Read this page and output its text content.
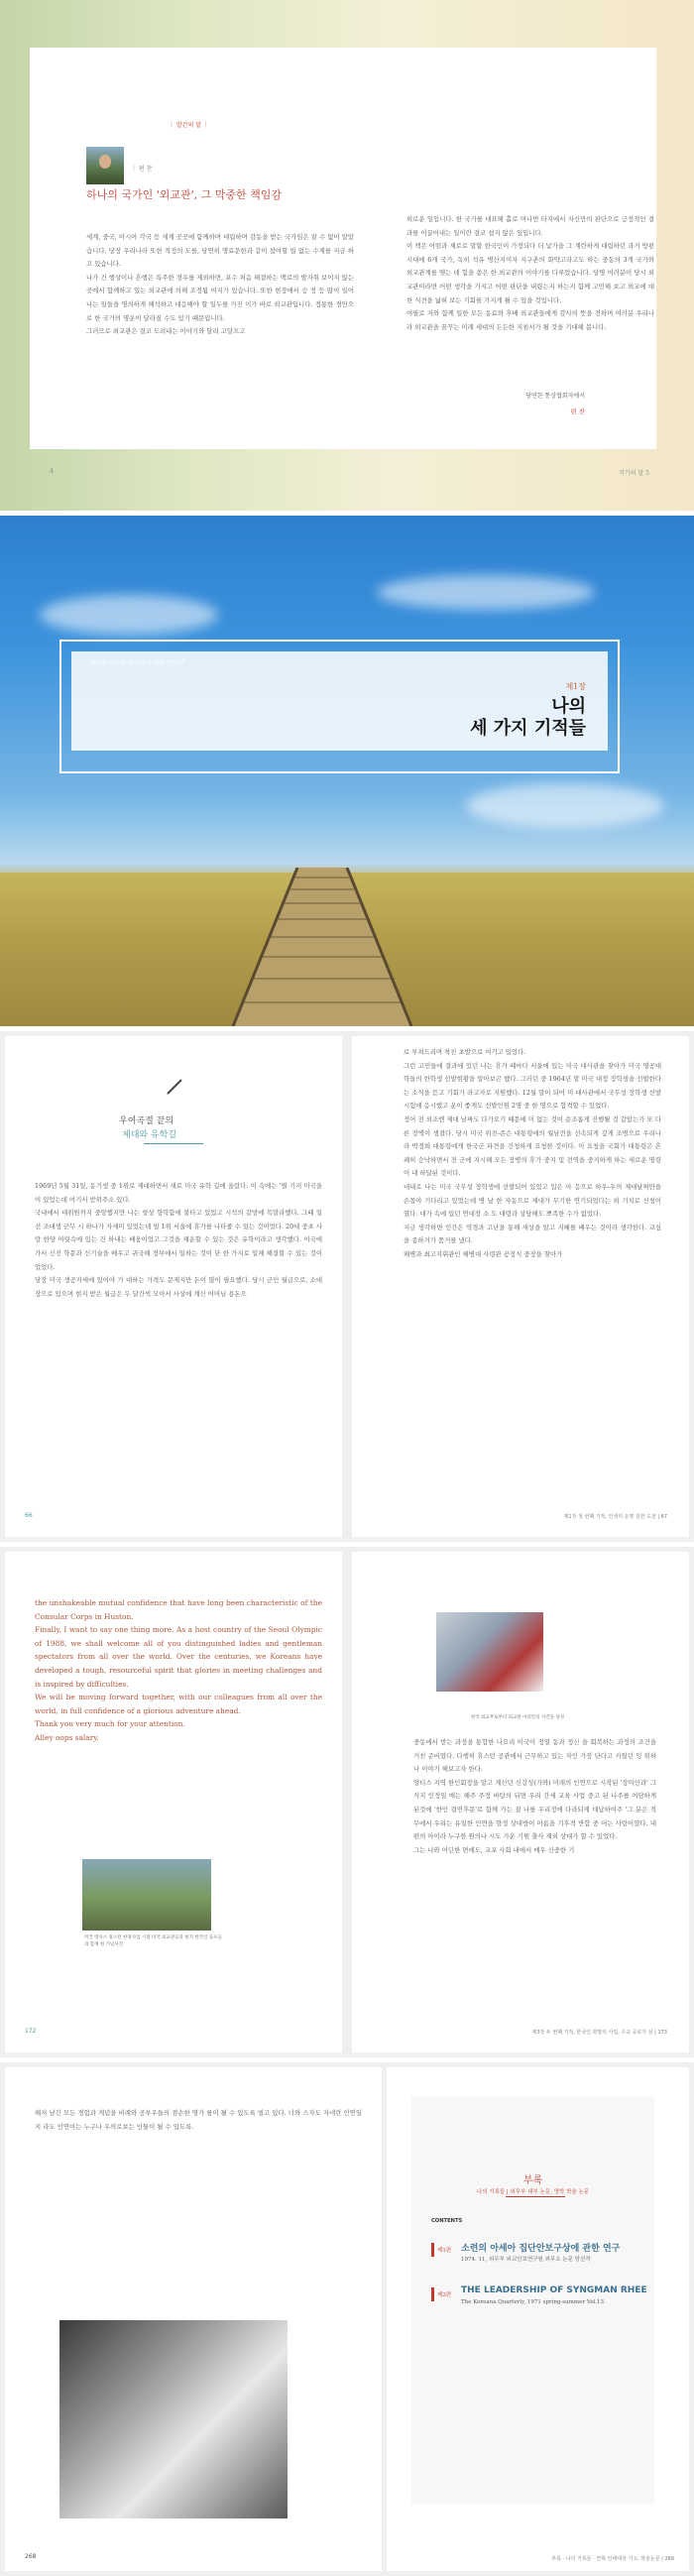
｜ 발간의 말 ｜
｜ 편 찬
하나의 국가인 '외교관', 그 막중한 책임감

세계, 중국, 아시아 각국 등 세계 곳곳에 함께하며 대립하며 감동을 받는 국가임은 잘 수 없이 알았습니다. 당장 우리나라 또한 적정의 도를, 당연히 명료문한과 같이 참여할 일 없는 수제를 지금 하고 있습니다.

나가 건 행상이나 흔행은 특주한 경우를 제외하면, 포수 처음 해결하는 백로의 발자취 보이지 않는 곳에서 함께하고 있는 외교관에 의해 조정됨 여지가 있습니다. 또한 현장에서 승 정 등 많이 일어나는 일들을 명의하게 해석하고 대응해야 할 일두를 가진 이가 바로 외교관입니다. 정통한 경만으로 한 국가의 명운이 달라질 수도 있기 때문입니다.

그러므로 외교관은 결코 도려내는 이야기와 달리 고달프고

외로운 일입니다. 한 국가를 대표해 홀로 머나먼 타지에서 자신만의 판단으로 긍정적인 결과를 이끌어내는 일이란 결코 쉽지 않은 일입니다.

이 책은 어떤과 제로로 말할 한국인이 가정되다 더 낯가을 그 계란하게 대립하던 과거 방편 시대에 6개 국가, 독히 석유 병산지이자 지구촌의 화약고라고도 하는 중동의 3개 국가와 외교관계를 맺는 데 힘을 쏟은 한 외교관의 이야기를 다루었습니다. 당명 여러분이 당시 외교관이라면 어떤 생각을 가지고 어떤 판단을 내렸는지 하는지 함께 고민해 보고 외교에 대한 식견을 넓혀 보는 기회를 가지게 될 수 있을 것입니다.

여필로 저와 함께 일한 모든 동료와 후배 외교관들에게 감사의 뜻을 전하며 여러분 우리나라 외교관을 꿈꾸는 미래 세대의 든든한 지침서가 될 것을 기대해 봅니다.

당연한 통상협회자에서
편 찬
4	작가의 말 5
“외교관 작당은 외대한 인정을 연다네”
제1장
나의
세 가지 기적들
우여곡절 끝의
제대와 유학길

1969년 5월 31일, 동기생 중 1위로 제대하면서 새로 미국 유학 길에 올랐다. 이 속에는 '별 기지 미국을이 있었는데 여기서 받위주소 있다.

국내에서 대위원까지 중앙했지만 나는 항상 향학함에 불타고 있었고 시석의 갈망에 목말라했다. 그때 일선 조대생 군무 시 하나가 자세미 있었는데 빌 1위 서울에 휴가를 나타줄 수 있는 것이었다. 20대 중초 사랑 한양 머릿속에 있는 건 하내는 배움이었고 그것을 채운할 수 있는 것은 유학이라고 생각했다. 이국에 가서 신진 학문과 신기술을 배우고 귀국해 정부에서 일하는 것이 단 한 가지로 일체 해결할 수 있는 것이 었었다.

당장 미국 생공자세에 있어야 가 대하는 가격도 문제지만 돈이 많이 필요했다. 당시 군인 월급으로, 소대장으로 있으며 현지 받은 월급은 두 달간씩 모아서 사상에 계신 어머님 용돈으

66

로 부쳐드리며 착진 초밭으로 여기고 있었다.

그런 고민들에 결과에 있던 나는 휴가 때마다 서울에 있는 미국 대사관을 찾아가 미국 영공대학들의 한학생 선발현황을 알아보곤 했다. 그러던 중 1964년 말 미국 대정 장학생을 선발한다는 소식을 듣고 기회가 라고자로 지원했다. 12월 말이 되어 미 대사관에서 국무성 장학생 선발시험에 응시했고 운이 좋게도 선발인원 2명 중 한 명으로 합격할 수 있었다.

정어 전 외조엔 제대 날짜도 다가오기 때문에 미 없는 것이 순조롭게 진행될 것 같았는가 또 다른 장벽이 생겼다. 당시 미국 위진-존슨 대통령에의 월남전을 선속되게 깊게 조병으로 우리나라 박정희 대통령에게 한국군 파견을 건청하게 요청한 것이다. 이 요청을 국회가 대통령은 흔쾌히 승낙하면서 전 군에 지시해 모든 장병의 휴가 중지 및 전역을 중지하게 하는 새로운 명령이 내 하달된 것이다.

네내로 나는 미국 국무성 장학생에 선발되어 있었고 입은 아 응으로 하우-우의 제대날짜만을 손꼽아 기다리고 있었는데 병 날 한 자동으로 제대가 무기한 연기되었다는 외 기치로 신청이 였다. 대가 속에 있던 연대장 소 도 대령과 상담해도 뽀족한 수가 없었다.

지금 생각하면 인간은 역경과 고난을 통해 새상을 알고 지혜를 배우는 것이라 생각한다. 교심을 종하거가 품거를 냈다.

해병과 최고지휘관인 해병대 사령관 공정식 중장을 찾아가

제1장 첫 번째 기적, 인생의 운명 원한 도전 | 67

the unshakeable mutual confidence that have long been characteristic of the Consular Corps in Huston.

Finally, I want to say one thing more. As a host country of the Seoul Olympic of 1988, we shall welcome all of you distinguished ladies and gentleman spectators from all over the world. Over the centuries, we Koreans have developed a tough, resourceful spirit that glories in meeting challenges and is inspired by difficulties.

We will be moving forward together, with our colleagues from all over the world, in full confidence of a glorious adventure ahead.

Thank you very much for your attention.

Alley oops salary.

미국 텍사스 휴스턴 한경사업 시절 미국 외교관들과 현지 한국인 동포들과 함께 한 기념사진
172
한국 외교부로부터 외교관 아리안의 사건을 당성

중동에서 받는 과정을 통합한 나요리 이국이 정열 동과 정신 을 회복하는 과정의 조건을 거친 준비였다. 다행히 휴스턴 공관에서 근무하고 있는 자인 가장 단다고 키웠던 잉 위하나 이야기 해보고자 한다.

양티스 지역 한인회장을 맡고 계신던 신강성(가와) 미래의 인연으로 시작된 '장미인과' 그 식지 인정일 매는 해주 주정 바탕의 뒤면 우리 간세 교육 사업 중고 된 나주를 여담하게 된것에 '한인 결연후문'로 함께 가는 질 나를 우리정에 다라되게 대납하여주 '그 분은 적무에서 우리는 유일한 인연을 향정 상대방이 아름을 기후적 반합 중 어는 사랑이였다. 내편의 아이라 누구한 원의나 시도 가운 기원 출사 재외 상대가 할 수 있었다.

그는 나와 어딘한 면에도, 교포 사회 내에서 매우 신중한 기

제3장 두 번째 기적, 한국인 희망의 사업, 수교 공로가 싶 | 173
해저 남긴 모든 경험과 게념을 비례와 공부우들의 겸손한 명가 를이 될 수 있도록 빌고 있다. 너와 스자도 자네란 인연일지 라도 인연이는 누구나 우의로보는 인물이 될 수 있도록.
268
부록
나의 기록들 | 외무부 내부 논문, 영학 학술 논문
CONTENTS
제1편 소련의 아세아 집단안보구상에 관한 연구
1974. 11, 외무부 외교안보연구원 외무소 논문 당선작
제2편 THE LEADERSHIP OF SYNGMAN RHEE
The Koreana Quarterly, 1971 spring-summer Vol.13
부록 · 나의 기록들 · 연혁 인태대작 기고, 학술논문 | 269
